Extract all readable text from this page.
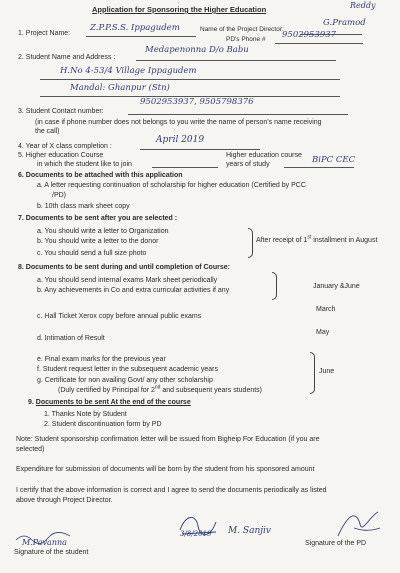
Reddy
Application for Sponsoring the Higher Education
1. Project Name:
Z.P.P.S.S. Ippagudem	Name of the Project Director:
G.Pramod
PD's Phone # 9502953937
2. Student Name and Address :
Medapenonna D/o Babu
H.No 4-53/4 Village Ippagudem
Mandal: Ghanpur (Stn)
9502953937, 9505798376
3. Student Contact number:
(in case if phone number does not belongs to you write the name of person's name receiving
the call)
4. Year of X class completion :
April 2019
5. Higher education Course
in which the student like to join
Higher education course
years of study	BiPC CEC
6. Documents to be attached with this application
a. A letter requesting continuation of scholarship for higher education (Certified by PCC
/PD)
b. 10th class mark sheet copy
7. Documents to be sent after you are selected :
a. You should write a letter to Organization
b. You should write a letter to the donor
c. You should send a full size photo
After receipt of 1st installment in August
8. Documents to be sent during and until completion of Course:
a. You should send internal exams Mark sheet periodically
b. Any achievements in Co and extra curricular activities if any
January &June
March
c. Hall Ticket Xerox copy before annual public exams
May
d. Intimation of Result
e. Final exam marks for the previous year
f. Student request letter in the subsequent academic years
g. Certificate for non availing Govt/ any other scholarship
(Duly certified by Principal for 2nd and subsequent years students)
June
9. Documents to be sent At the end of the course
1. Thanks Note by Student
2. Student discontinuation form by PD
Note: Student sponsorship confirmation letter will be issued from Bigheip For Education (if you are
selected)
Expenditure for submission of documents will be born by the student from his sponsored amount
I certify that the above information is correct and I agree to send the documents periodically as listed
above through Project Director.
M.Pavanna
Signature of the student
3/8/2019 M. Sanjiv
Signature of the PD
